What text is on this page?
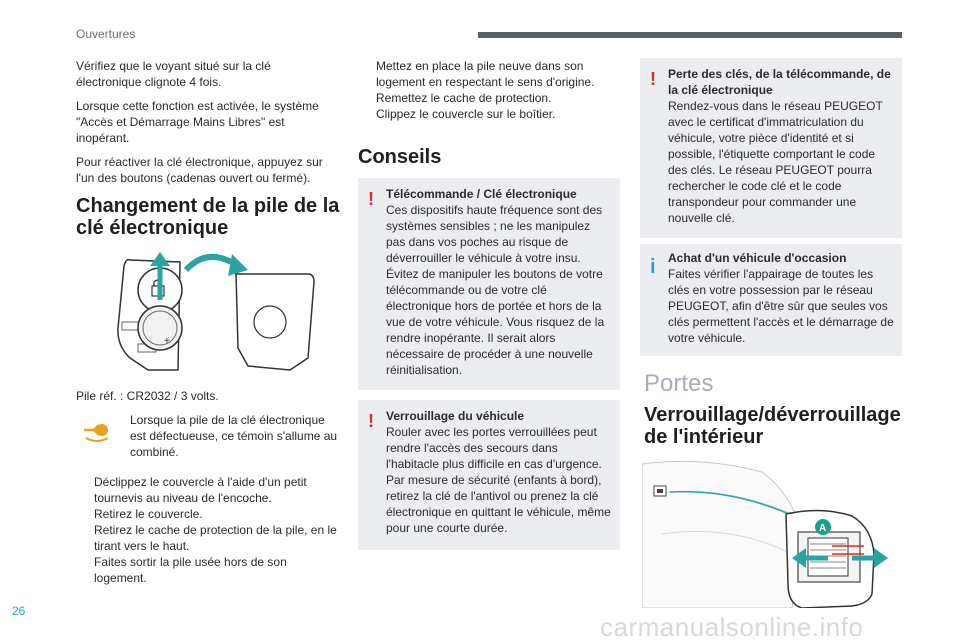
Ouvertures

Vérifiez que le voyant situé sur la clé électronique clignote 4 fois.

Lorsque cette fonction est activée, le système "Accès et Démarrage Mains Libres" est inopérant.

Pour réactiver la clé électronique, appuyez sur l'un des boutons (cadenas ouvert ou fermé).

Changement de la pile de la clé électronique
+
Pile réf. : CR2032 / 3 volts.
Lorsque la pile de la clé électronique est défectueuse, ce témoin s'allume au combiné.
Déclippez le couvercle à l'aide d'un petit tournevis au niveau de l'encoche.
Retirez le couvercle.
Retirez le cache de protection de la pile, en le tirant vers le haut.
Faites sortir la pile usée hors de son logement.
Mettez en place la pile neuve dans son logement en respectant le sens d'origine.
Remettez le cache de protection.
Clippez le couvercle sur le boîtier.
Conseils
! Télécommande / Clé électronique
Ces dispositifs haute fréquence sont des systèmes sensibles ; ne les manipulez pas dans vos poches au risque de déverrouiller le véhicule à votre insu. Évitez de manipuler les boutons de votre télécommande ou de votre clé électronique hors de portée et hors de la vue de votre véhicule. Vous risquez de la rendre inopérante. Il serait alors nécessaire de procéder à une nouvelle réinitialisation.
! Verrouillage du véhicule
Rouler avec les portes verrouillées peut rendre l'accès des secours dans l'habitacle plus difficile en cas d'urgence. Par mesure de sécurité (enfants à bord), retirez la clé de l'antivol ou prenez la clé électronique en quittant le véhicule, même pour une courte durée.
! Perte des clés, de la télécommande, de la clé électronique
Rendez-vous dans le réseau PEUGEOT avec le certificat d'immatriculation du véhicule, votre pièce d'identité et si possible, l'étiquette comportant le code des clés. Le réseau PEUGEOT pourra rechercher le code clé et le code transpondeur pour commander une nouvelle clé.
i Achat d'un véhicule d'occasion
Faites vérifier l'appairage de toutes les clés en votre possession par le réseau PEUGEOT, afin d'être sûr que seules vos clés permettent l'accès et le démarrage de votre véhicule.
Portes
Verrouillage/déverrouillage de l'intérieur
A
26
carmanualsonline.info
